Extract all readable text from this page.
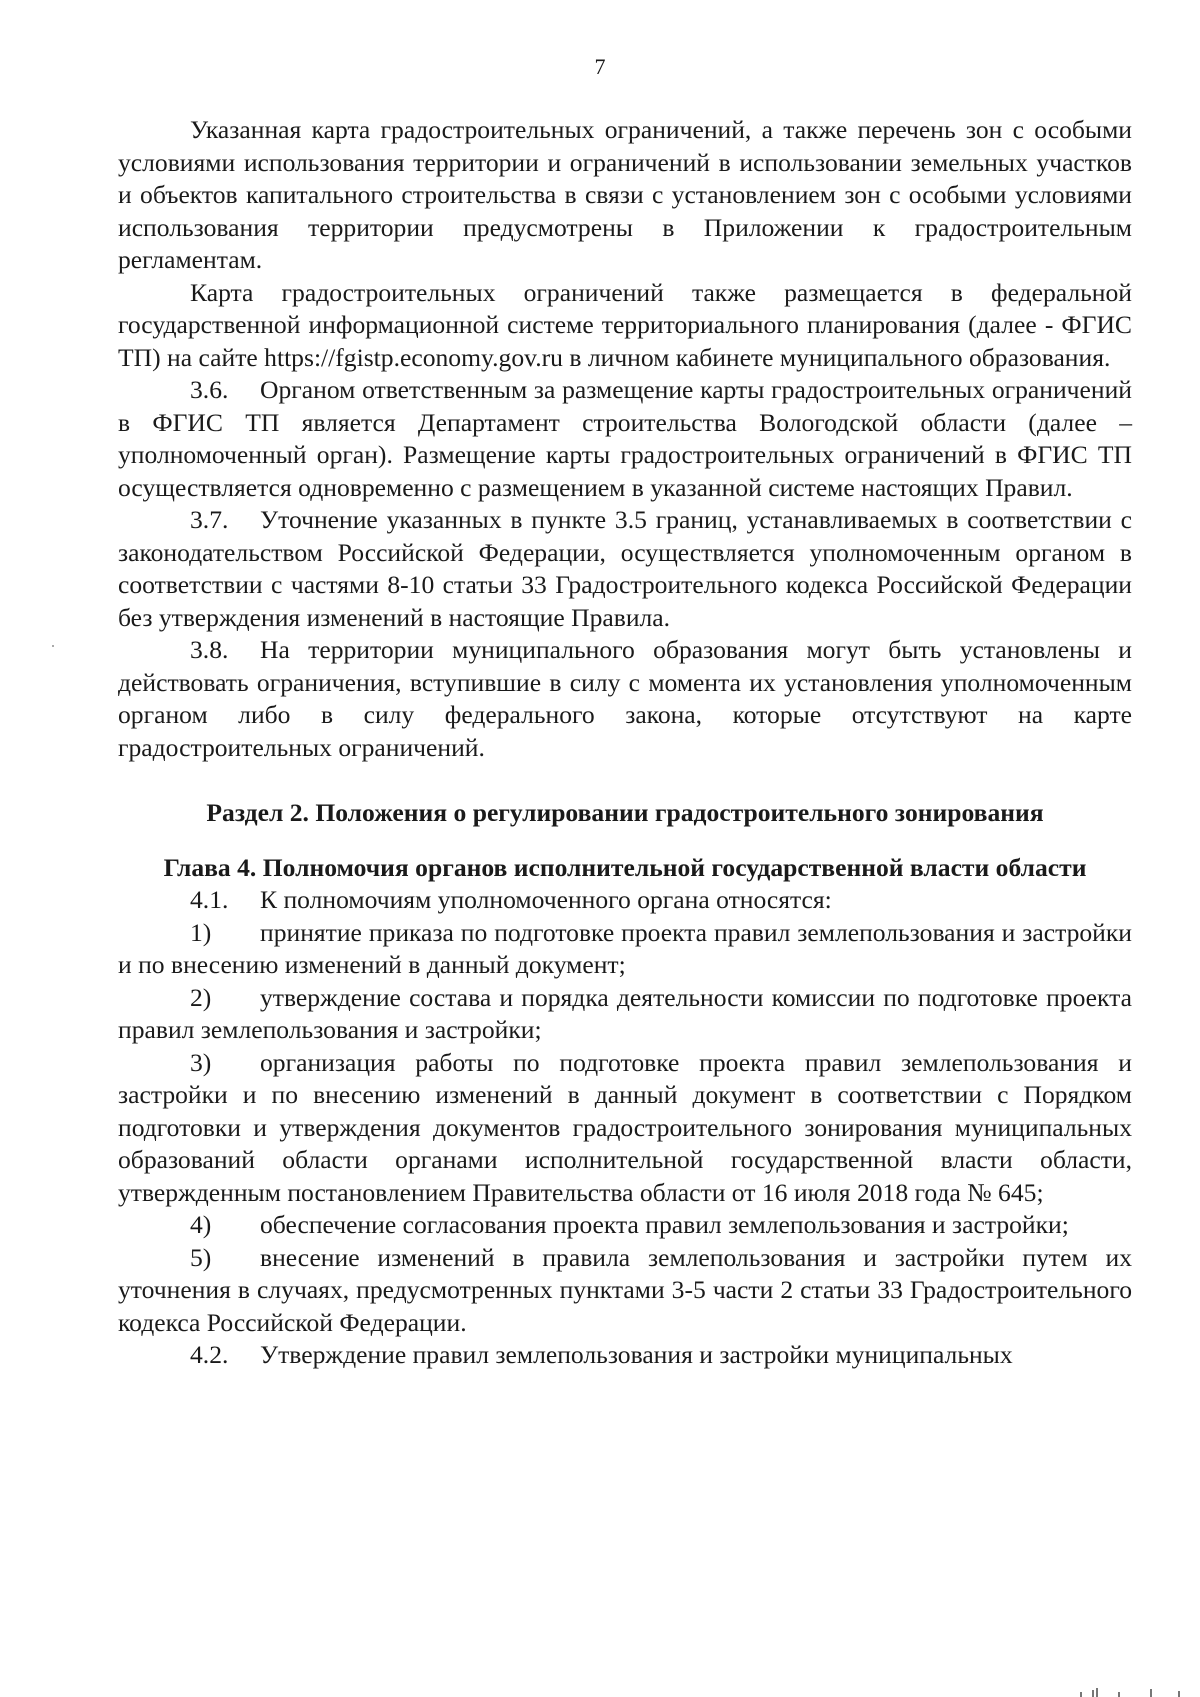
7

Указанная карта градостроительных ограничений, а также перечень зон с особыми условиями использования территории и ограничений в использовании земельных участков и объектов капитального строительства в связи с установлением зон с особыми условиями использования территории предусмотрены в Приложении к градостроительным регламентам.

Карта градостроительных ограничений также размещается в федеральной государственной информационной системе территориального планирования (далее - ФГИС ТП) на сайте https://fgistp.economy.gov.ru в личном кабинете муниципального образования.

3.6. Органом ответственным за размещение карты градостроительных ограничений в ФГИС ТП является Департамент строительства Вологодской области (далее – уполномоченный орган). Размещение карты градостроительных ограничений в ФГИС ТП осуществляется одновременно с размещением в указанной системе настоящих Правил.

3.7. Уточнение указанных в пункте 3.5 границ, устанавливаемых в соответствии с законодательством Российской Федерации, осуществляется уполномоченным органом в соответствии с частями 8-10 статьи 33 Градостроительного кодекса Российской Федерации без утверждения изменений в настоящие Правила.

3.8. На территории муниципального образования могут быть установлены и действовать ограничения, вступившие в силу с момента их установления уполномоченным органом либо в силу федерального закона, которые отсутствуют на карте градостроительных ограничений.

Раздел 2. Положения о регулировании градостроительного зонирования
Глава 4. Полномочия органов исполнительной государственной власти области

4.1. К полномочиям уполномоченного органа относятся:

1) принятие приказа по подготовке проекта правил землепользования и застройки и по внесению изменений в данный документ;

2) утверждение состава и порядка деятельности комиссии по подготовке проекта правил землепользования и застройки;

3) организация работы по подготовке проекта правил землепользования и застройки и по внесению изменений в данный документ в соответствии с Порядком подготовки и утверждения документов градостроительного зонирования муниципальных образований области органами исполнительной государственной власти области, утвержденным постановлением Правительства области от 16 июля 2018 года № 645;

4) обеспечение согласования проекта правил землепользования и застройки;

5) внесение изменений в правила землепользования и застройки путем их уточнения в случаях, предусмотренных пунктами 3-5 части 2 статьи 33 Градостроительного кодекса Российской Федерации.

4.2. Утверждение правил землепользования и застройки муниципальных
